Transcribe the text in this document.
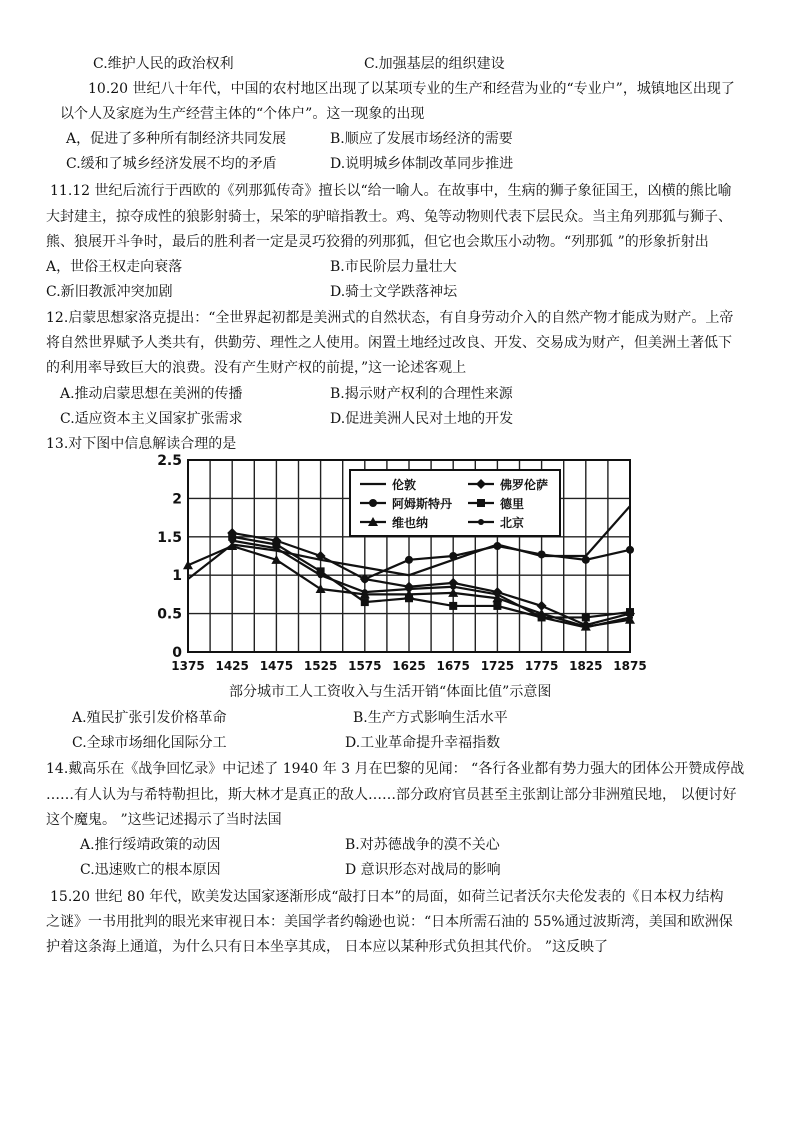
C.维护人民的政治权利	C.加强基层的组织建设
10.20 世纪八十年代，中国的农村地区出现了以某项专业的生产和经营为业的“专业户”，城镇地区出现了
以个人及家庭为生产经营主体的“个体户”。这一现象的出现
A，促进了多种所有制经济共同发展	B.顺应了发展市场经济的需要
C.缓和了城乡经济发展不均的矛盾	D.说明城乡体制改革同步推进
11.12 世纪后流行于西欧的《列那狐传奇》擅长以“给一喻人。在故事中，生病的狮子象征国王，凶横的熊比喻
大封建主，掠夺成性的狼影射骑士，呆笨的驴暗指教士。鸡、兔等动物则代表下层民众。当主角列那狐与狮子、
熊、狼展开斗争时，最后的胜利者一定是灵巧狡猾的列那狐，但它也会欺压小动物。“列那狐 ”的形象折射出
A，世俗王权走向衰落	B.市民阶层力量壮大
C.新旧教派冲突加剧	D.骑士文学跌落神坛
12.启蒙思想家洛克提出：“全世界起初都是美洲式的自然状态，有自身劳动介入的自然产物才能成为财产。上帝
将自然世界赋予人类共有，供勤劳、理性之人使用。闲置土地经过改良、开发、交易成为财产，但美洲土著低下
的利用率导致巨大的浪费。没有产生财产权的前提，”这一论述客观上
A.推动启蒙思想在美洲的传播	B.揭示财产权利的合理性来源
C.适应资本主义国家扩张需求	D.促进美洲人民对土地的开发
13.对下图中信息解读合理的是
0
0.5
1
1.5
2
2.5
1375 1425 1475 1525 1575 1625 1675 1725 1775 1825 1875
伦敦
阿姆斯特丹
维也纳
佛罗伦萨
德里
北京
部分城市工人工资收入与生活开销“体面比值”示意图
A.殖民扩张引发价格革命	B.生产方式影响生活水平
C.全球市场细化国际分工	D.工业革命提升幸福指数
14.戴高乐在《战争回忆录》中记述了 1940 年 3 月在巴黎的见闻： “各行各业都有势力强大的团体公开赞成停战
……有人认为与希特勒担比，斯大林才是真正的敌人……部分政府官员甚至主张割让部分非洲殖民地， 以便讨好
这个魔鬼。 ”这些记述揭示了当时法国
A.推行绥靖政策的动因	B.对苏德战争的漠不关心
C.迅速败亡的根本原因	D 意识形态对战局的影响
15.20 世纪 80 年代，欧美发达国家逐渐形成“敲打日本”的局面，如荷兰记者沃尔夫伦发表的《日本权力结构
之谜》一书用批判的眼光来审视日本：美国学者约翰逊也说：“日本所需石油的 55%通过波斯湾，美国和欧洲保
护着这条海上通道，为什么只有日本坐享其成， 日本应以某种形式负担其代价。 ”这反映了
